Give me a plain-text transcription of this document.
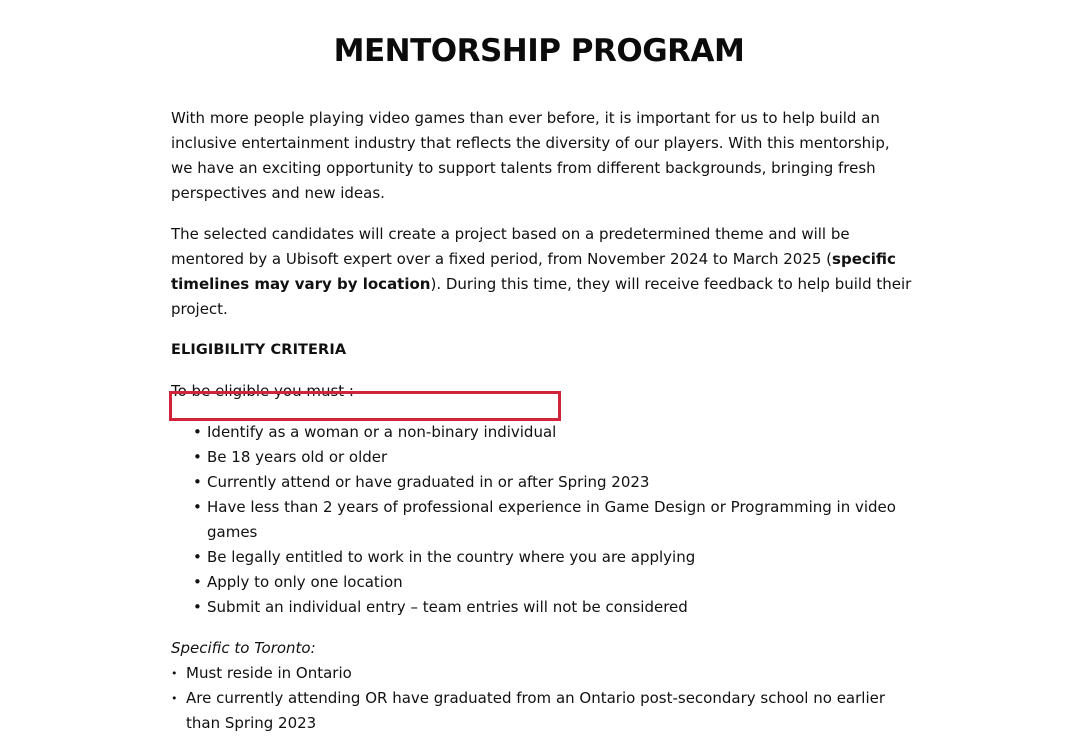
MENTORSHIP PROGRAM

With more people playing video games than ever before, it is important for us to help build an inclusive entertainment industry that reflects the diversity of our players. With this mentorship, we have an exciting opportunity to support talents from different backgrounds, bringing fresh perspectives and new ideas.

The selected candidates will create a project based on a predetermined theme and will be mentored by a Ubisoft expert over a fixed period, from November 2024 to March 2025 (specific timelines may vary by location). During this time, they will receive feedback to help build their project.

ELIGIBILITY CRITERIA

To be eligible you must :

• Identify as a woman or a non-binary individual
• Be 18 years old or older
• Currently attend or have graduated in or after Spring 2023
• Have less than 2 years of professional experience in Game Design or Programming in video games
• Be legally entitled to work in the country where you are applying
• Apply to only one location
• Submit an individual entry – team entries will not be considered

Specific to Toronto:

• Must reside in Ontario
• Are currently attending OR have graduated from an Ontario post-secondary school no earlier than Spring 2023
